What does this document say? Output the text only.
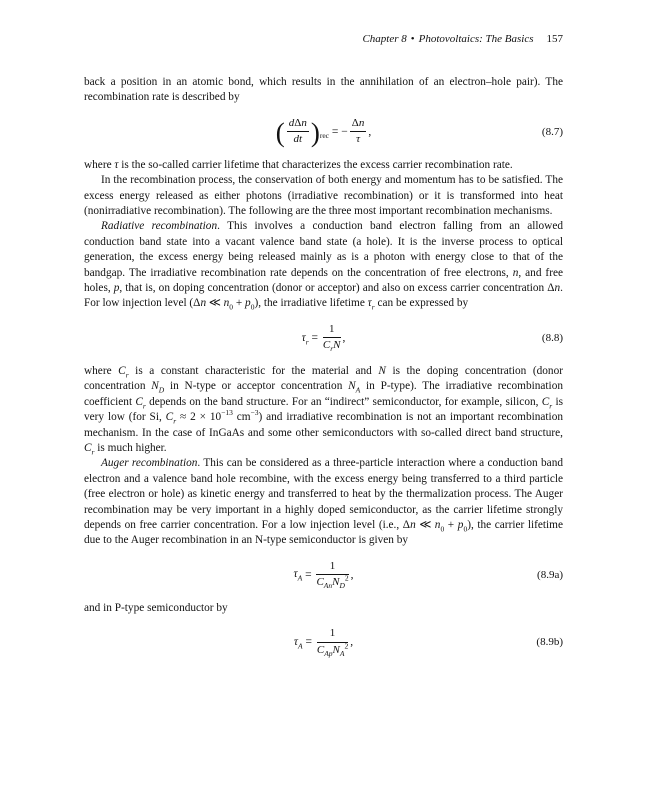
Chapter 8 • Photovoltaics: The Basics 157

back a position in an atomic bond, which results in the annihilation of an electron–hole pair). The recombination rate is described by

( $\frac{\text{dΔn}}{dt} )_{rec}$ = − $\frac{\Delta n}{\tau}$ ,	(8.7)

where τ is the so-called carrier lifetime that characterizes the excess carrier recombination rate.

In the recombination process, the conservation of both energy and momentum has to be satisfied. The excess energy released as either photons (irradiative recombination) or it is transformed into heat (nonirradiative recombination). The following are the three most important recombination mechanisms.

Radiative recombination. This involves a conduction band electron falling from an allowed conduction band state into a vacant valence band state (a hole). It is the inverse process to optical generation, the excess energy being released mainly as is a photon with energy close to that of the bandgap. The irradiative recombination rate depends on the concentration of free electrons, n, and free holes, p, that is, on doping concentration (donor or acceptor) and also on excess carrier concentration Δn. For low injection level (Δn ≪ $n_0 + p_0$), the irradiative lifetime $\tau_r$ can be expressed by

$\tau_r = \frac{1}{C_rN}$ ,	(8.8)

where $C_r$ is a constant characteristic for the material and N is the doping concentration (donor concentration $N_D$ in N-type or acceptor concentration $N_A$ in P-type). The irradiative recombination coefficient $C_r$ depends on the band structure. For an “indirect” semiconductor, for example, silicon, $C_r$ is very low (for Si, $C_r \approx 2 \times 10^{-13}$ $cm^{-3}$) and irradiative recombination is not an important recombination mechanism. In the case of InGaAs and some other semiconductors with so-called direct band structure, $C_r$ is much higher.

Auger recombination. This can be considered as a three-particle interaction where a conduction band electron and a valence band hole recombine, with the excess energy being transferred to a third particle (free electron or hole) as kinetic energy and transferred to heat by the thermalization process. The Auger recombination may be very important in a highly doped semiconductor, as the carrier lifetime strongly depends on free carrier concentration. For a low injection level (i.e., Δn ≪ $n_0 + p_0$), the carrier lifetime due to the Auger recombination in an N-type semiconductor is given by

$\tau_A = \frac{1}{C_{An}N_D^2}$ ,	(8.9a)

and in P-type semiconductor by

$\tau_A = \frac{1}{C_{Ap}N_A^2}$ ,	(8.9b)
